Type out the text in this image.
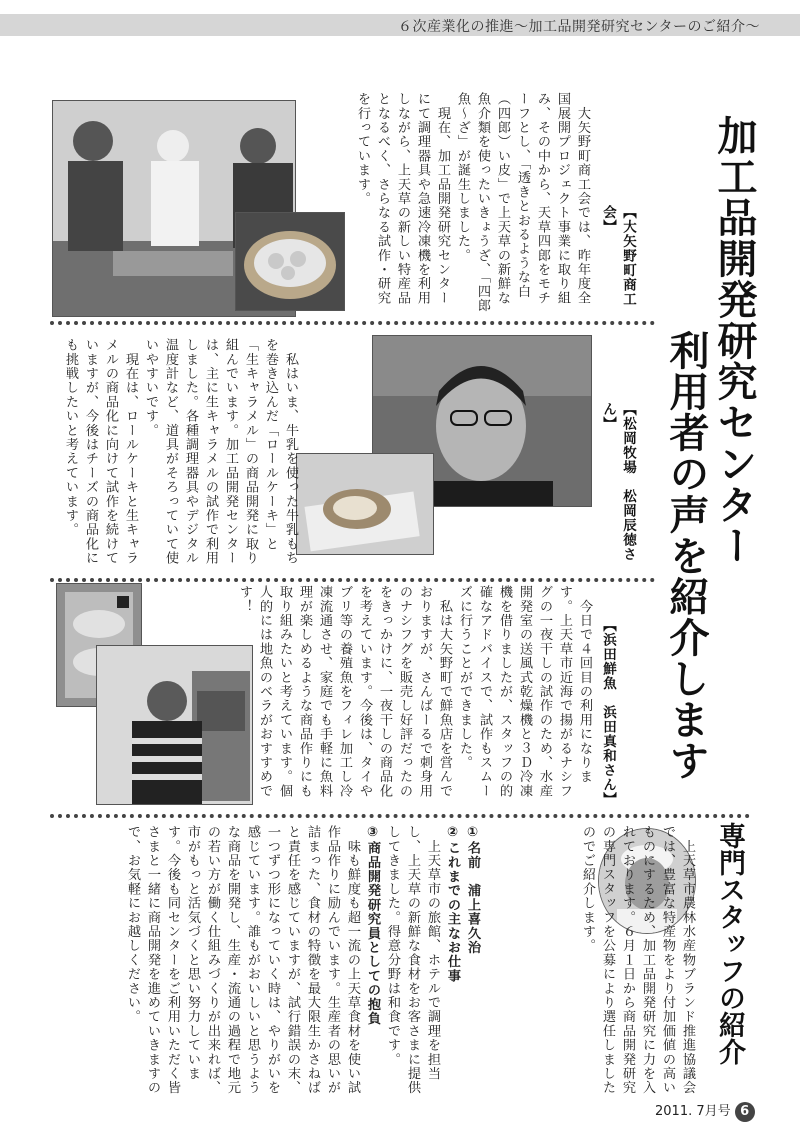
６次産業化の推進〜加工品開発研究センターのご紹介〜
加工品開発研究センター
利用者の声を紹介します
【大矢野町商工会】

　大矢野町商工会では、昨年度全国展開プロジェクト事業に取り組み、その中から、天草四郎をモチーフとし、「透きとおるような白（四郎）い皮」で上天草の新鮮な魚介類を使ったいきょうざ、「四郎魚〜ざ」が誕生しました。

　現在、加工品開発研究センターにて調理器具や急速冷凍機を利用しながら、上天草の新しい特産品となるべく、さらなる試作・研究を行っています。

【松岡牧場　松岡辰徳さん】

　私はいま、牛乳を使った牛乳もちを巻き込んだ「ロールケーキ」と「生キャラメル」の商品開発に取り組んでいます。加工品開発センターは、主に生キャラメルの試作で利用しました。各種調理器具やデジタル温度計など、道具がそろっていて使いやすいです。

　現在は、ロールケーキと生キャラメルの商品化に向けて試作を続けていますが、今後はチーズの商品化にも挑戦したいと考えています。

【浜田鮮魚　浜田真和さん】

　今日で４回目の利用になります。上天草市近海で揚がるナシフグの一夜干しの試作のため、水産開発室の送風式乾燥機と３Ｄ冷凍機を借りましたが、スタッフの的確なアドバイスで、試作もスムーズに行うことができました。

　私は大矢野町で鮮魚店を営んでおりますが、さんばーるで刺身用のナシフグを販売し好評だったのをきっかけに、一夜干しの商品化を考えています。今後は、タイやブリ等の養殖魚をフィレ加工し冷凍流通させ、家庭でも手軽に魚料理が楽しめるような商品作りにも取り組みたいと考えています。個人的には地魚のベラがおすすめです！

専門スタッフの紹介

　上天草市農林水産物ブランド推進協議会では、豊富な特産物をより付加価値の高いものにするため、加工品開発研究に力を入れております。６月１日から商品開発研究の専門スタッフを公募により選任しましたのでご紹介します。

①名前　浦上喜久治

②これまでの主なお仕事

　上天草市の旅館、ホテルで調理を担当し、上天草の新鮮な食材をお客さまに提供してきました。得意分野は和食です。

③商品開発研究員としての抱負

　味も鮮度も超一流の上天草食材を使い試作品作りに励んでいます。生産者の思いが詰まった、食材の特徴を最大限生かさねばと責任を感じていますが、試行錯誤の末、一つずつ形になっていく時は、やりがいを感じています。誰もがおいしいと思うような商品を開発し、生産・流通の過程で地元の若い方が働く仕組みづくりが出来れば、市がもっと活気づくと思い努力しています。今後も同センターをご利用いただく皆さまと一緒に商品開発を進めていきますので、お気軽にお越しください。

2011. 7月号 6
